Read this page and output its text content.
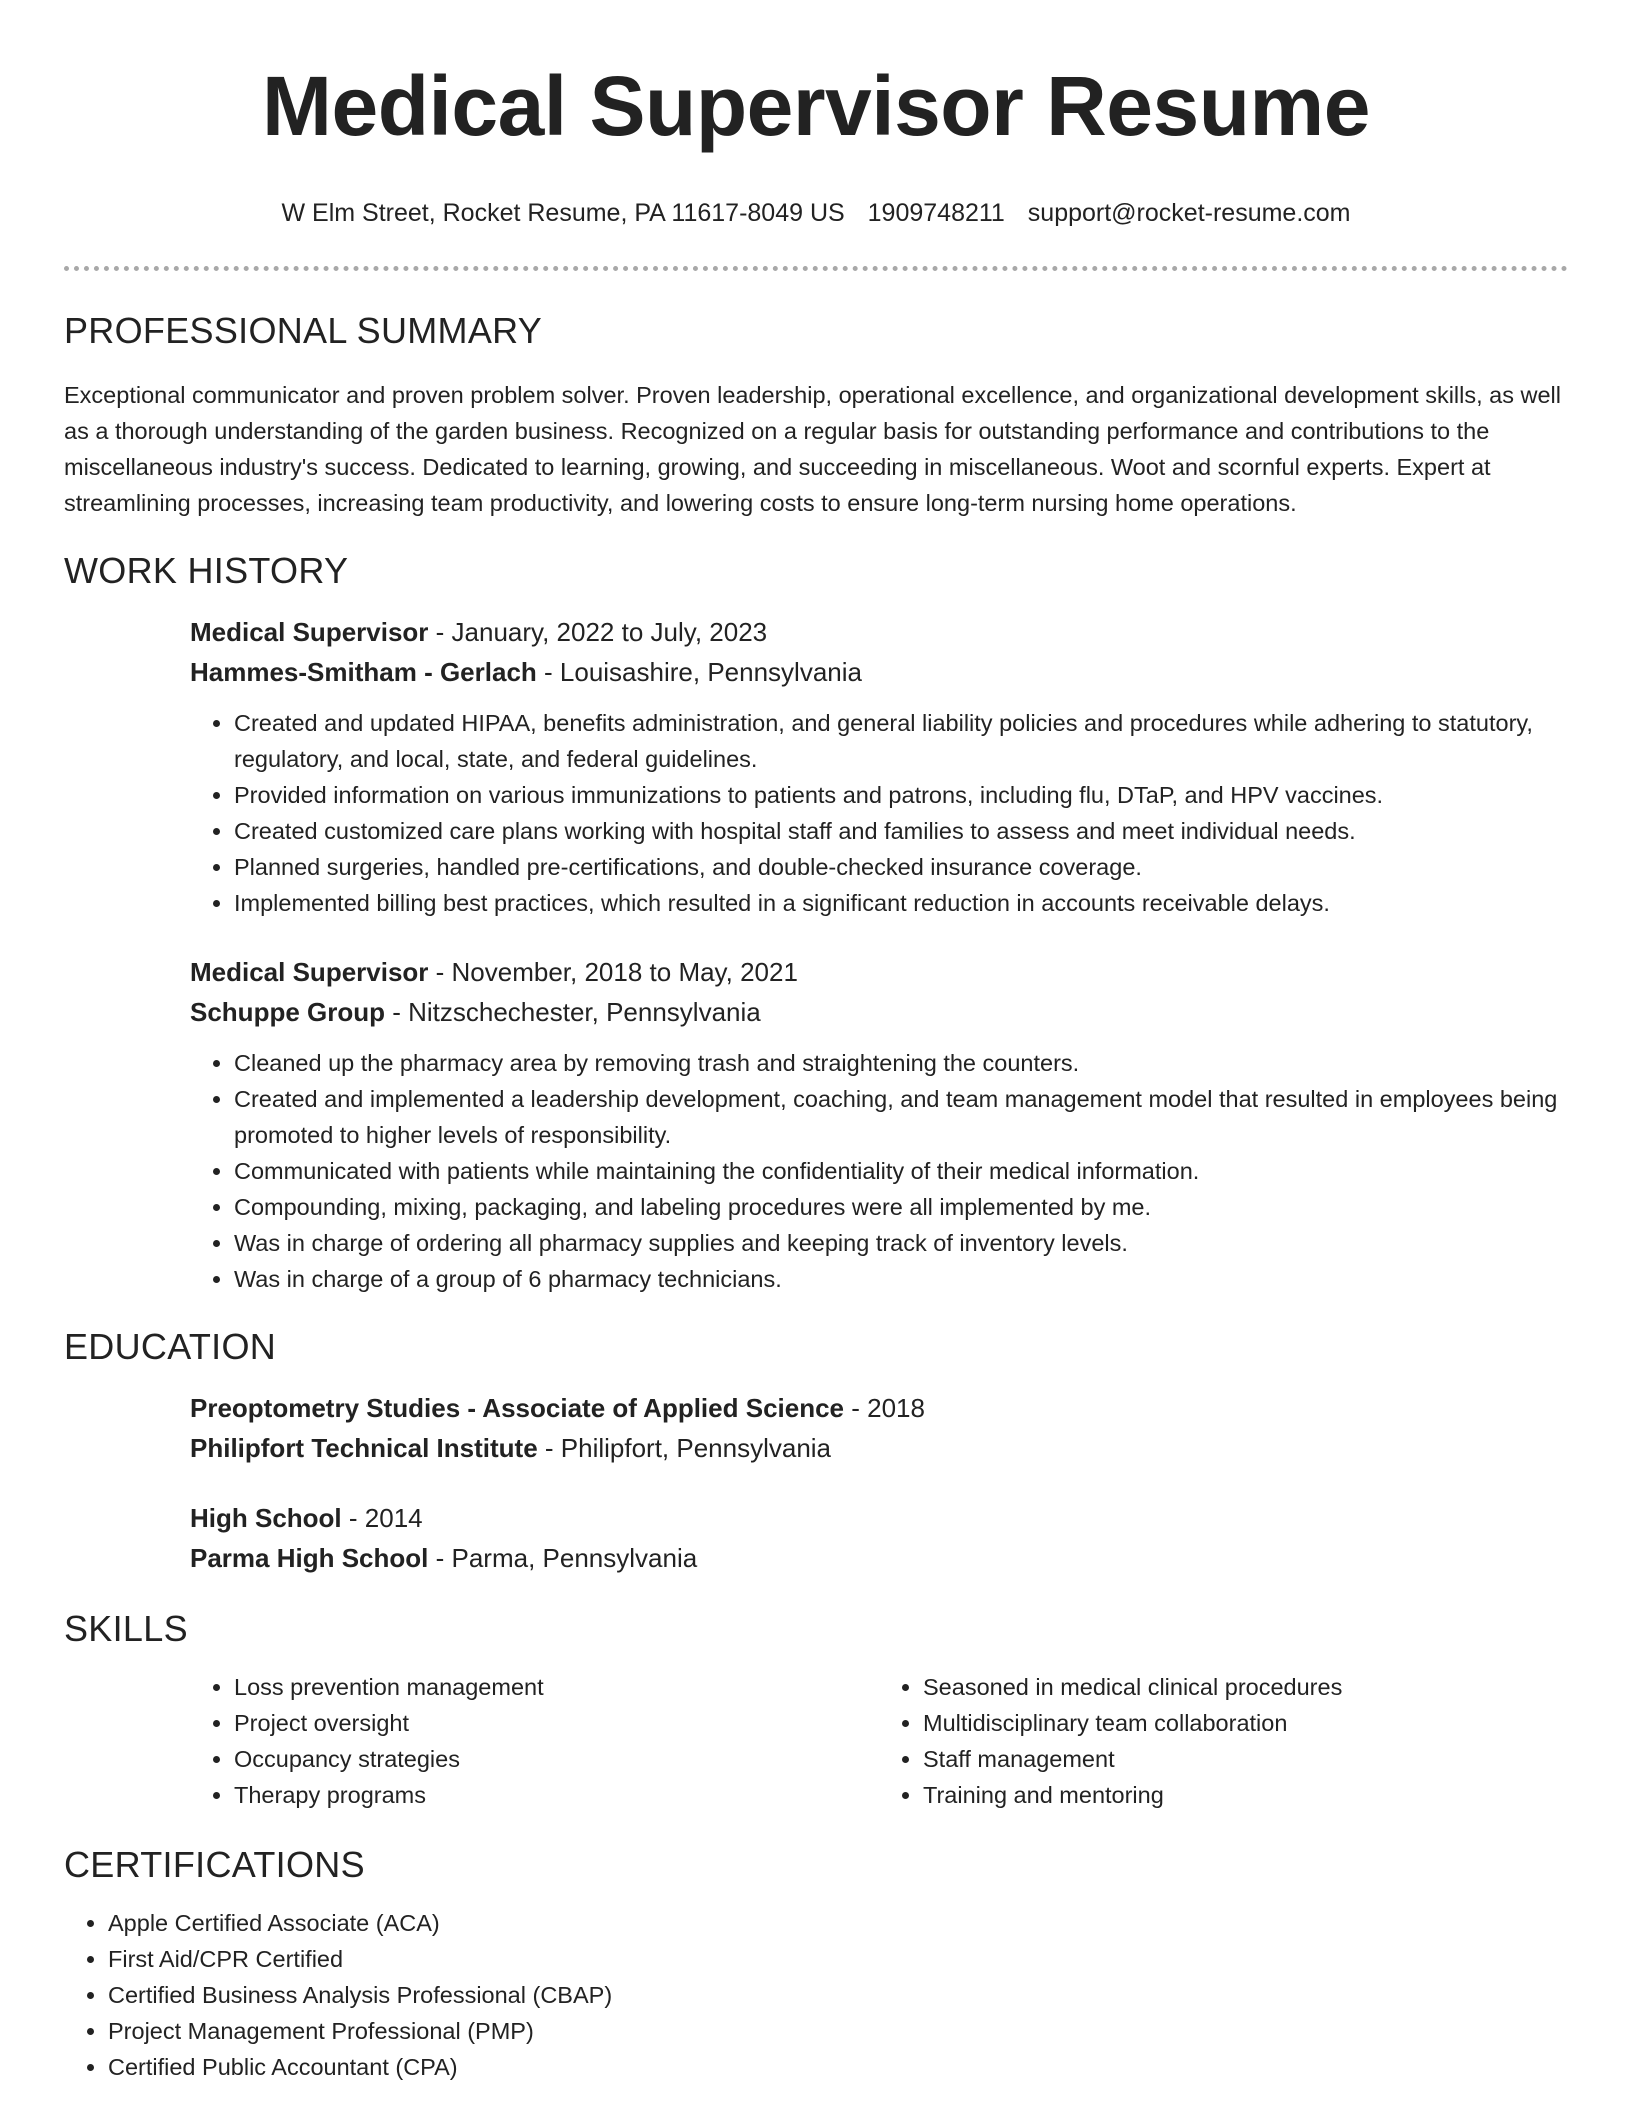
Medical Supervisor Resume
W Elm Street, Rocket Resume, PA 11617-8049 US 1909748211 support@rocket-resume.com
PROFESSIONAL SUMMARY

Exceptional communicator and proven problem solver. Proven leadership, operational excellence, and organizational development skills, as well as a thorough understanding of the garden business. Recognized on a regular basis for outstanding performance and contributions to the miscellaneous industry's success. Dedicated to learning, growing, and succeeding in miscellaneous. Woot and scornful experts. Expert at streamlining processes, increasing team productivity, and lowering costs to ensure long-term nursing home operations.

WORK HISTORY

Medical Supervisor - January, 2022 to July, 2023

Hammes-Smitham - Gerlach - Louisashire, Pennsylvania

• Created and updated HIPAA, benefits administration, and general liability policies and procedures while adhering to statutory, regulatory, and local, state, and federal guidelines.
• Provided information on various immunizations to patients and patrons, including flu, DTaP, and HPV vaccines.
• Created customized care plans working with hospital staff and families to assess and meet individual needs.
• Planned surgeries, handled pre-certifications, and double-checked insurance coverage.
• Implemented billing best practices, which resulted in a significant reduction in accounts receivable delays.

Medical Supervisor - November, 2018 to May, 2021

Schuppe Group - Nitzschechester, Pennsylvania

• Cleaned up the pharmacy area by removing trash and straightening the counters.
• Created and implemented a leadership development, coaching, and team management model that resulted in employees being promoted to higher levels of responsibility.
• Communicated with patients while maintaining the confidentiality of their medical information.
• Compounding, mixing, packaging, and labeling procedures were all implemented by me.
• Was in charge of ordering all pharmacy supplies and keeping track of inventory levels.
• Was in charge of a group of 6 pharmacy technicians.
EDUCATION

Preoptometry Studies - Associate of Applied Science - 2018

Philipfort Technical Institute - Philipfort, Pennsylvania

High School - 2014

Parma High School - Parma, Pennsylvania

SKILLS
• Loss prevention management
• Project oversight
• Occupancy strategies
• Therapy programs
• Seasoned in medical clinical procedures
• Multidisciplinary team collaboration
• Staff management
• Training and mentoring
CERTIFICATIONS
• Apple Certified Associate (ACA)
• First Aid/CPR Certified
• Certified Business Analysis Professional (CBAP)
• Project Management Professional (PMP)
• Certified Public Accountant (CPA)
